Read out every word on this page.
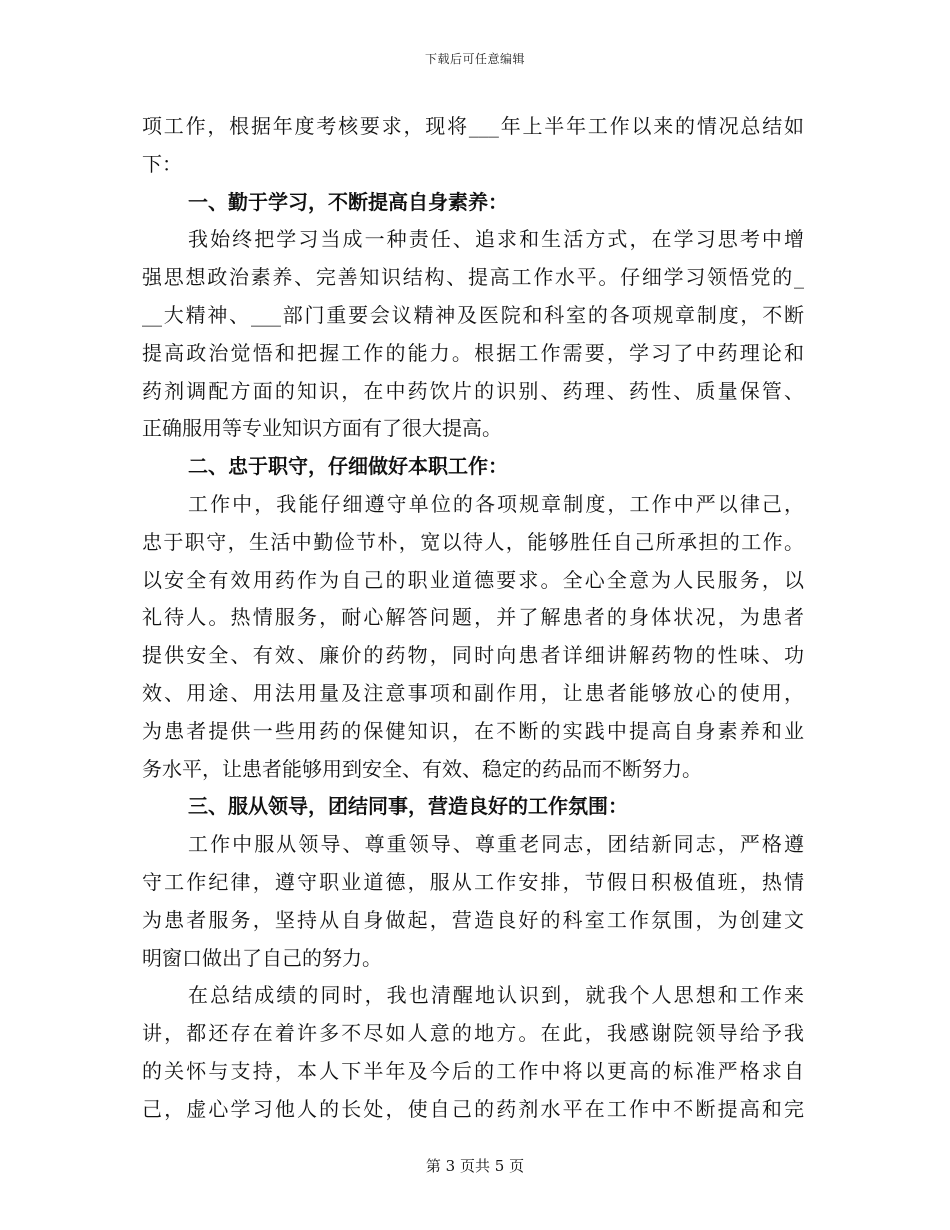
下载后可任意编辑
项工作，根据年度考核要求，现将___年上半年工作以来的情况总结如
下：
一、勤于学习，不断提高自身素养：
我始终把学习当成一种责任、追求和生活方式，在学习思考中增
强思想政治素养、完善知识结构、提高工作水平。仔细学习领悟党的_
__大精神、___部门重要会议精神及医院和科室的各项规章制度，不断
提高政治觉悟和把握工作的能力。根据工作需要，学习了中药理论和
药剂调配方面的知识，在中药饮片的识别、药理、药性、质量保管、
正确服用等专业知识方面有了很大提高。
二、忠于职守，仔细做好本职工作：
工作中，我能仔细遵守单位的各项规章制度，工作中严以律己，
忠于职守，生活中勤俭节朴，宽以待人，能够胜任自己所承担的工作。
以安全有效用药作为自己的职业道德要求。全心全意为人民服务，以
礼待人。热情服务，耐心解答问题，并了解患者的身体状况，为患者
提供安全、有效、廉价的药物，同时向患者详细讲解药物的性味、功
效、用途、用法用量及注意事项和副作用，让患者能够放心的使用，
为患者提供一些用药的保健知识，在不断的实践中提高自身素养和业
务水平，让患者能够用到安全、有效、稳定的药品而不断努力。
三、服从领导，团结同事，营造良好的工作氛围：
工作中服从领导、尊重领导、尊重老同志，团结新同志，严格遵
守工作纪律，遵守职业道德，服从工作安排，节假日积极值班，热情
为患者服务，坚持从自身做起，营造良好的科室工作氛围，为创建文
明窗口做出了自己的努力。
在总结成绩的同时，我也清醒地认识到，就我个人思想和工作来
讲，都还存在着许多不尽如人意的地方。在此，我感谢院领导给予我
的关怀与支持，本人下半年及今后的工作中将以更高的标准严格求自
己，虚心学习他人的长处，使自己的药剂水平在工作中不断提高和完
第 3 页共 5 页
